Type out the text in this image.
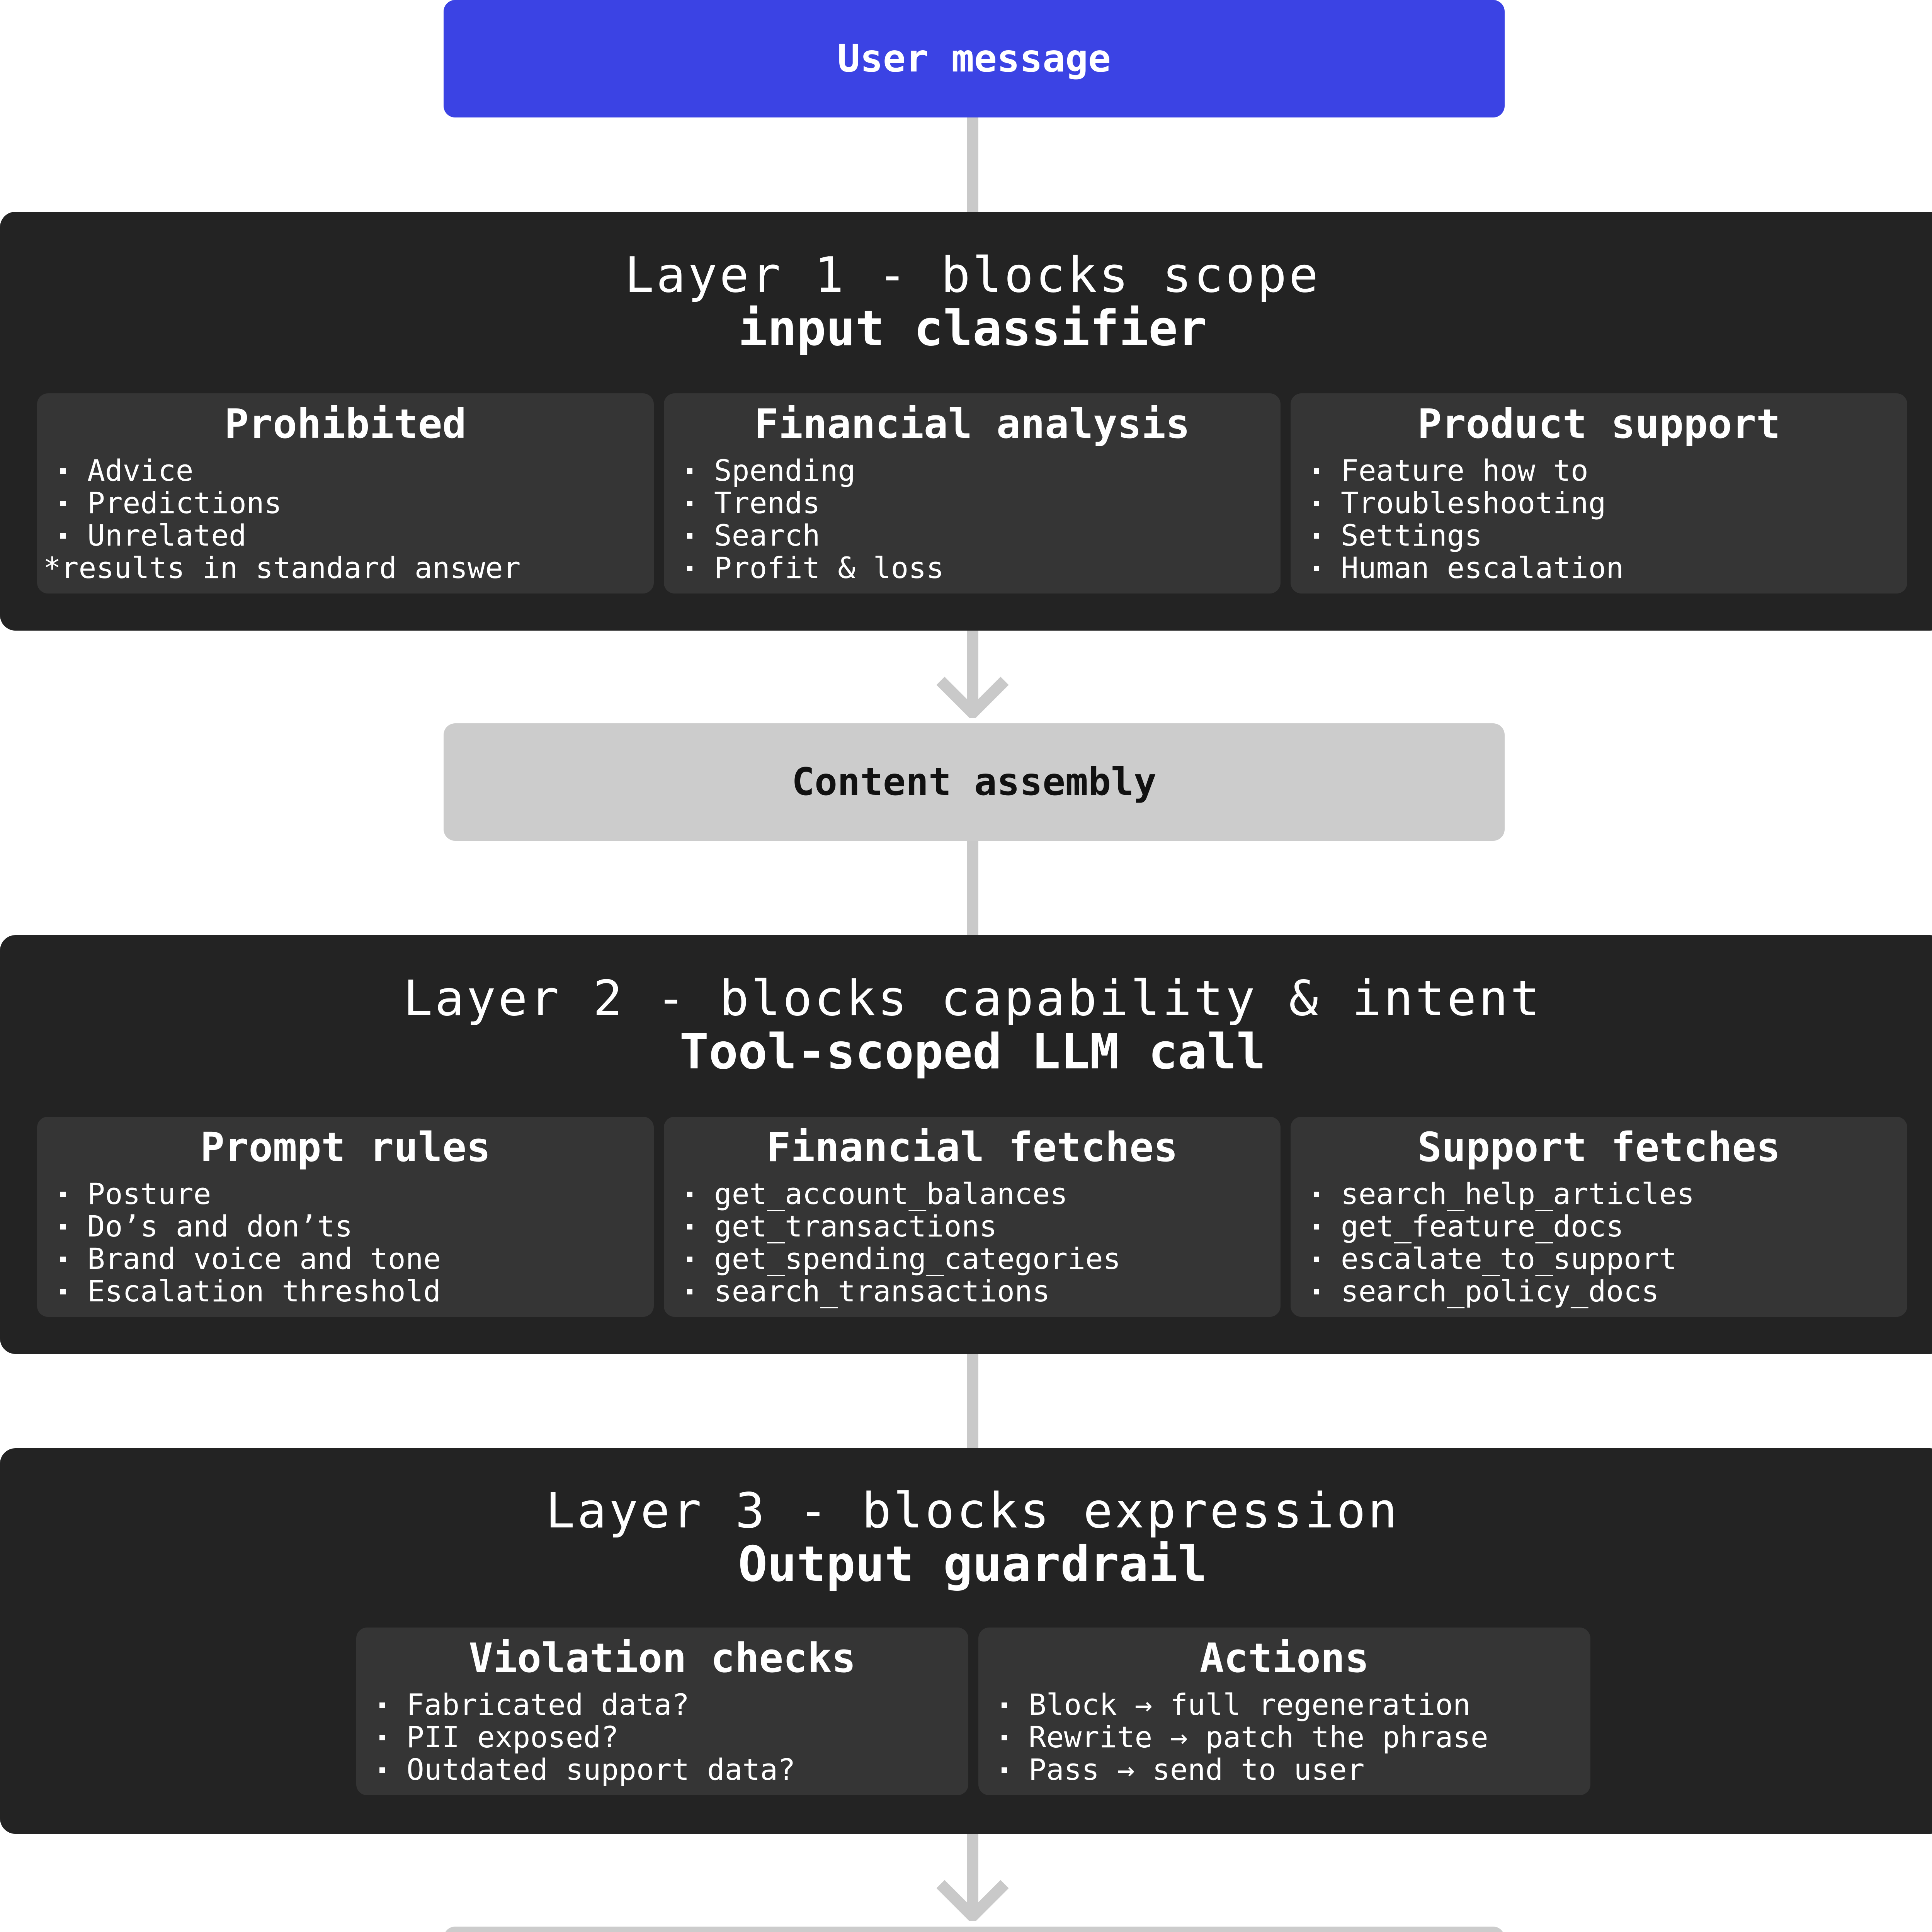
User message
Layer 1 - blocks scope
input classifier
Prohibited
Advice
Predictions
Unrelated
*results in standard answer
Financial analysis
Spending
Trends
Search
Profit & loss
Product support
Feature how to
Troubleshooting
Settings
Human escalation
Content assembly
Layer 2 - blocks capability & intent
Tool-scoped LLM call
Prompt rules
Posture
Do’s and don’ts
Brand voice and tone
Escalation threshold
Financial fetches
get_account_balances
get_transactions
get_spending_categories
search_transactions
Support fetches
search_help_articles
get_feature_docs
escalate_to_support
search_policy_docs
Layer 3 - blocks expression
Output guardrail
Violation checks
Fabricated data?
PII exposed?
Outdated support data?
Actions
Block → full regeneration
Rewrite → patch the phrase
Pass → send to user
